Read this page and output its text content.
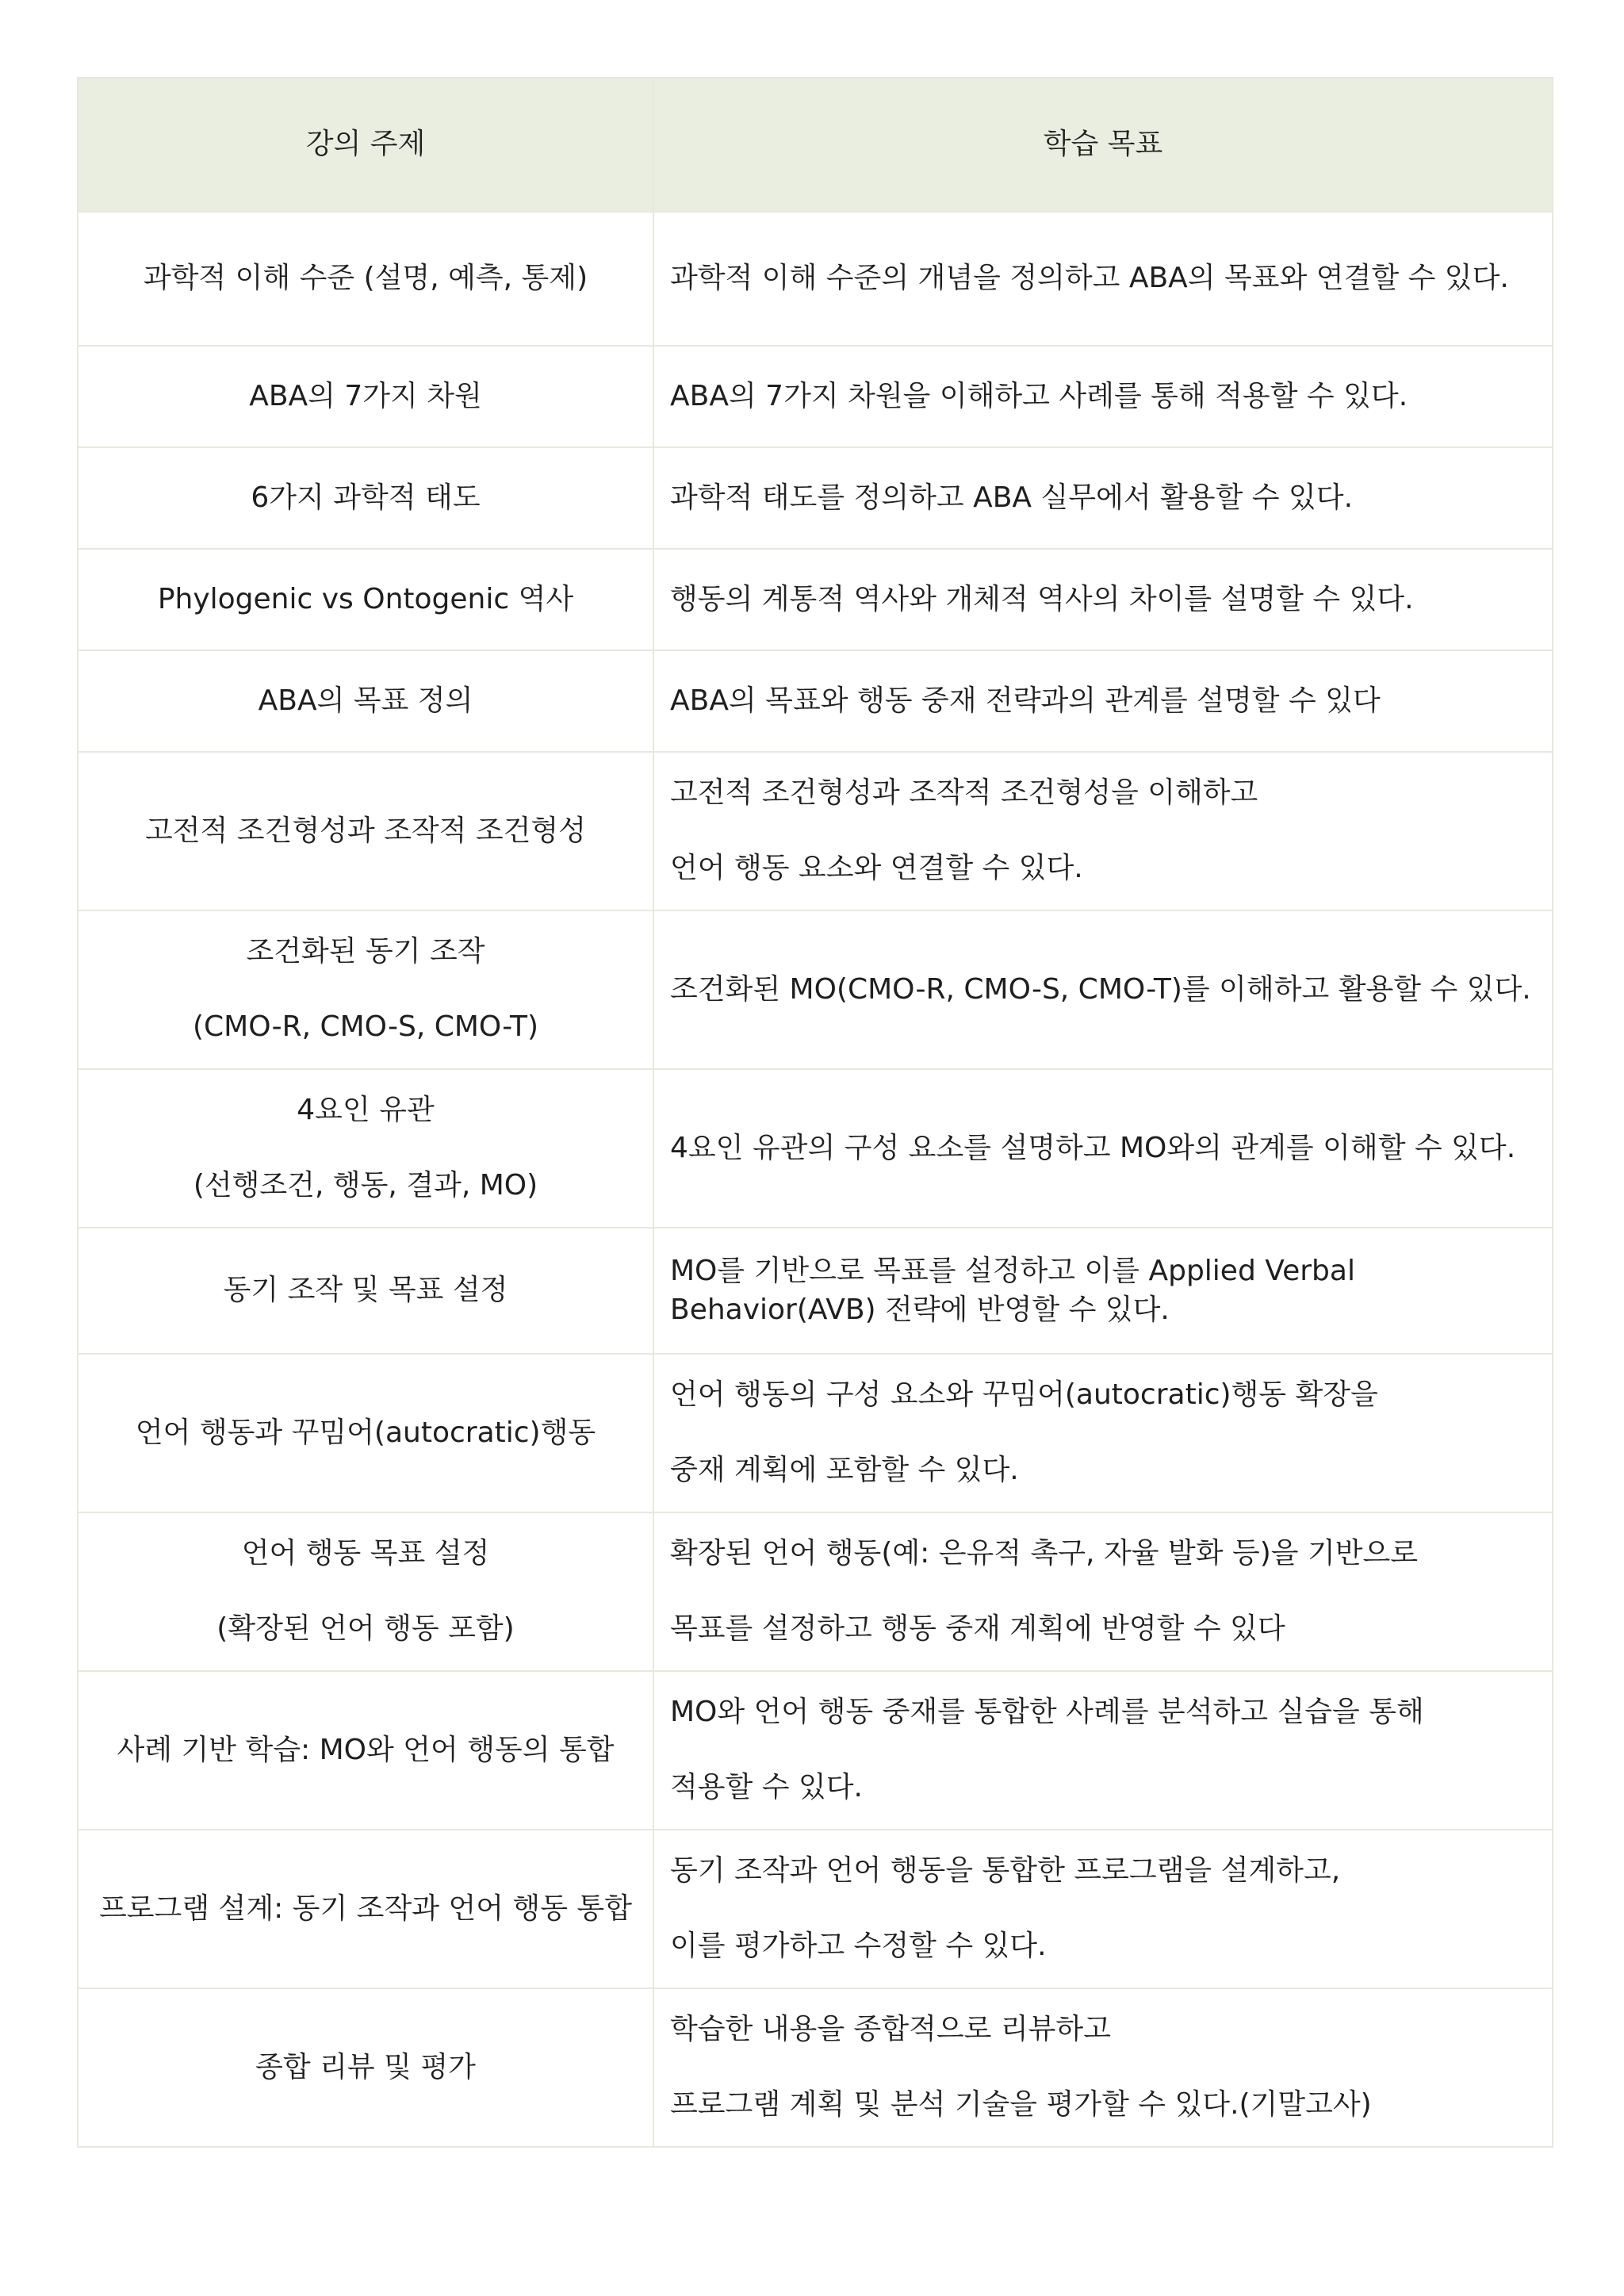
강의 주제	학습 목표

과학적 이해 수준 (설명, 예측, 통제)	과학적 이해 수준의 개념을 정의하고 ABA의 목표와 연결할 수 있다.

ABA의 7가지 차원	ABA의 7가지 차원을 이해하고 사례를 통해 적용할 수 있다.

6가지 과학적 태도	과학적 태도를 정의하고 ABA 실무에서 활용할 수 있다.

Phylogenic vs Ontogenic 역사	행동의 계통적 역사와 개체적 역사의 차이를 설명할 수 있다.

ABA의 목표 정의	ABA의 목표와 행동 중재 전략과의 관계를 설명할 수 있다

고전적 조건형성과 조작적 조건형성	고전적 조건형성과 조작적 조건형성을 이해하고
언어 행동 요소와 연결할 수 있다.

조건화된 동기 조작
(CMO-R, CMO-S, CMO-T)	조건화된 MO(CMO-R, CMO-S, CMO-T)를 이해하고 활용할 수 있다.

4요인 유관
(선행조건, 행동, 결과, MO)	4요인 유관의 구성 요소를 설명하고 MO와의 관계를 이해할 수 있다.

동기 조작 및 목표 설정	MO를 기반으로 목표를 설정하고 이를 Applied Verbal
Behavior(AVB) 전략에 반영할 수 있다.

언어 행동과 꾸밈어(autocratic)행동	언어 행동의 구성 요소와 꾸밈어(autocratic)행동 확장을
중재 계획에 포함할 수 있다.

언어 행동 목표 설정
(확장된 언어 행동 포함)	확장된 언어 행동(예: 은유적 촉구, 자율 발화 등)을 기반으로
목표를 설정하고 행동 중재 계획에 반영할 수 있다

사례 기반 학습: MO와 언어 행동의 통합	MO와 언어 행동 중재를 통합한 사례를 분석하고 실습을 통해
적용할 수 있다.

프로그램 설계: 동기 조작과 언어 행동 통합	동기 조작과 언어 행동을 통합한 프로그램을 설계하고,
이를 평가하고 수정할 수 있다.

종합 리뷰 및 평가	학습한 내용을 종합적으로 리뷰하고
프로그램 계획 및 분석 기술을 평가할 수 있다.(기말고사)
